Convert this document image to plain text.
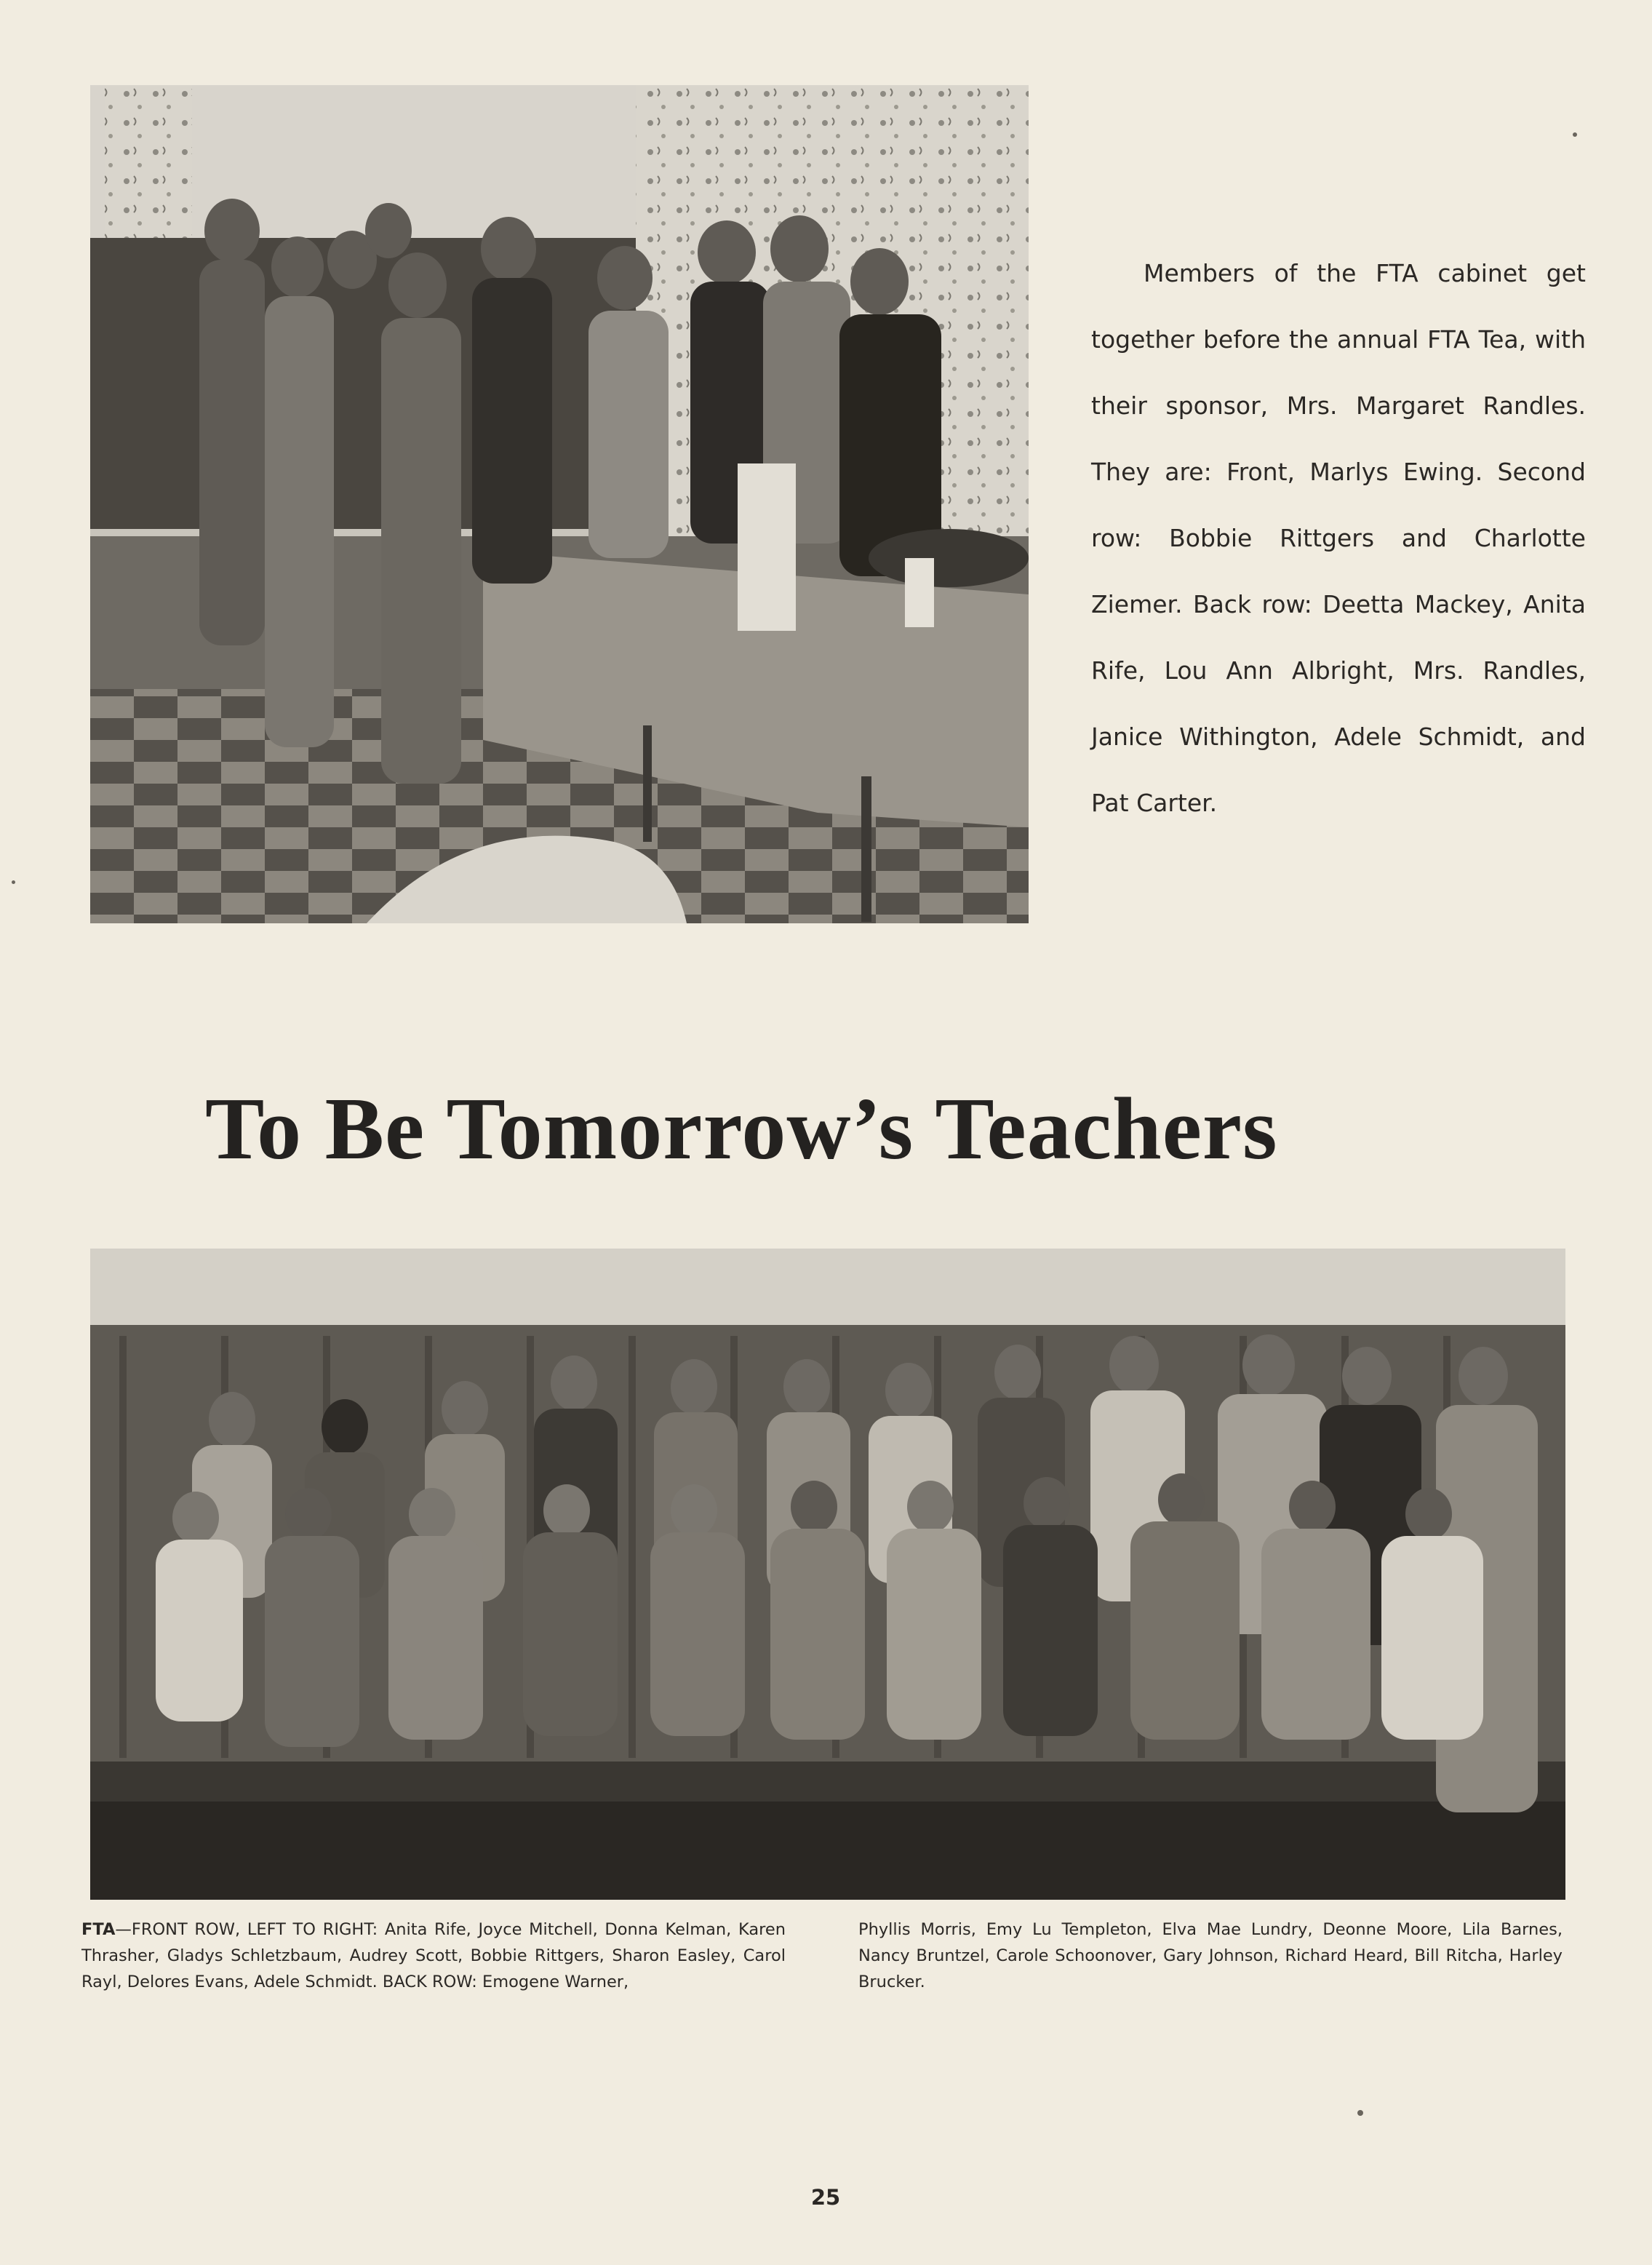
Members of the FTA cabinet get together before the annual FTA Tea, with their sponsor, Mrs. Margaret Randles. They are: Front, Marlys Ewing. Second row: Bobbie Rittgers and Charlotte Ziemer. Back row: Deetta Mackey, Anita Rife, Lou Ann Albright, Mrs. Randles, Janice Withington, Adele Schmidt, and Pat Carter.

To Be Tomorrow’s Teachers

FTA—FRONT ROW, LEFT TO RIGHT: Anita Rife, Joyce Mitchell, Donna Kelman, Karen Thrasher, Gladys Schletzbaum, Audrey Scott, Bobbie Rittgers, Sharon Easley, Carol Rayl, Delores Evans, Adele Schmidt. BACK ROW: Emogene Warner,

Phyllis Morris, Emy Lu Templeton, Elva Mae Lundry, Deonne Moore, Lila Barnes, Nancy Bruntzel, Carole Schoonover, Gary Johnson, Richard Heard, Bill Ritcha, Harley Brucker.

25
